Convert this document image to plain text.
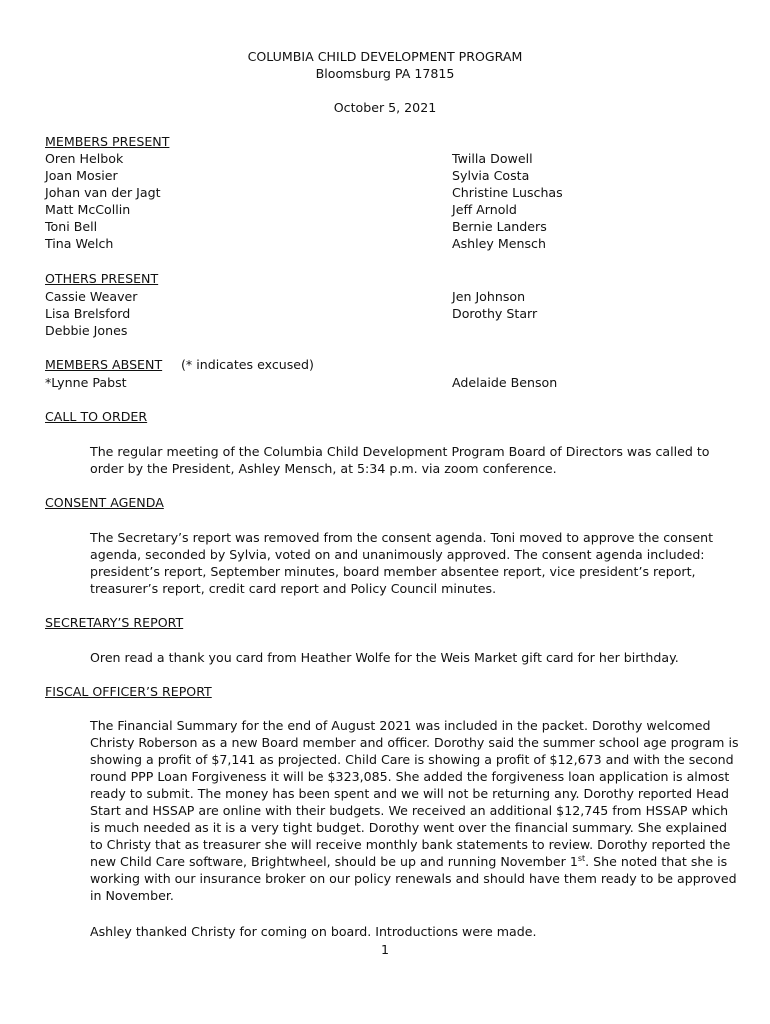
COLUMBIA CHILD DEVELOPMENT PROGRAM
Bloomsburg PA 17815
October 5, 2021
MEMBERS PRESENT
Oren Helbok
Joan Mosier
Johan van der Jagt
Matt McCollin
Toni Bell
Tina Welch
Twilla Dowell
Sylvia Costa
Christine Luschas
Jeff Arnold
Bernie Landers
Ashley Mensch
OTHERS PRESENT
Cassie Weaver
Lisa Brelsford
Debbie Jones
Jen Johnson
Dorothy Starr
MEMBERS ABSENT (* indicates excused)
*Lynne Pabst	Adelaide Benson
CALL TO ORDER
The regular meeting of the Columbia Child Development Program Board of Directors was called to
order by the President, Ashley Mensch, at 5:34 p.m. via zoom conference.
CONSENT AGENDA
The Secretary’s report was removed from the consent agenda. Toni moved to approve the consent
agenda, seconded by Sylvia, voted on and unanimously approved. The consent agenda included:
president’s report, September minutes, board member absentee report, vice president’s report,
treasurer’s report, credit card report and Policy Council minutes.
SECRETARY’S REPORT
Oren read a thank you card from Heather Wolfe for the Weis Market gift card for her birthday.
FISCAL OFFICER’S REPORT
The Financial Summary for the end of August 2021 was included in the packet. Dorothy welcomed
Christy Roberson as a new Board member and officer. Dorothy said the summer school age program is
showing a profit of $7,141 as projected. Child Care is showing a profit of $12,673 and with the second
round PPP Loan Forgiveness it will be $323,085. She added the forgiveness loan application is almost
ready to submit. The money has been spent and we will not be returning any. Dorothy reported Head
Start and HSSAP are online with their budgets. We received an additional $12,745 from HSSAP which
is much needed as it is a very tight budget. Dorothy went over the financial summary. She explained
to Christy that as treasurer she will receive monthly bank statements to review. Dorothy reported the
new Child Care software, Brightwheel, should be up and running November 1st. She noted that she is
working with our insurance broker on our policy renewals and should have them ready to be approved
in November.
Ashley thanked Christy for coming on board. Introductions were made.
1
